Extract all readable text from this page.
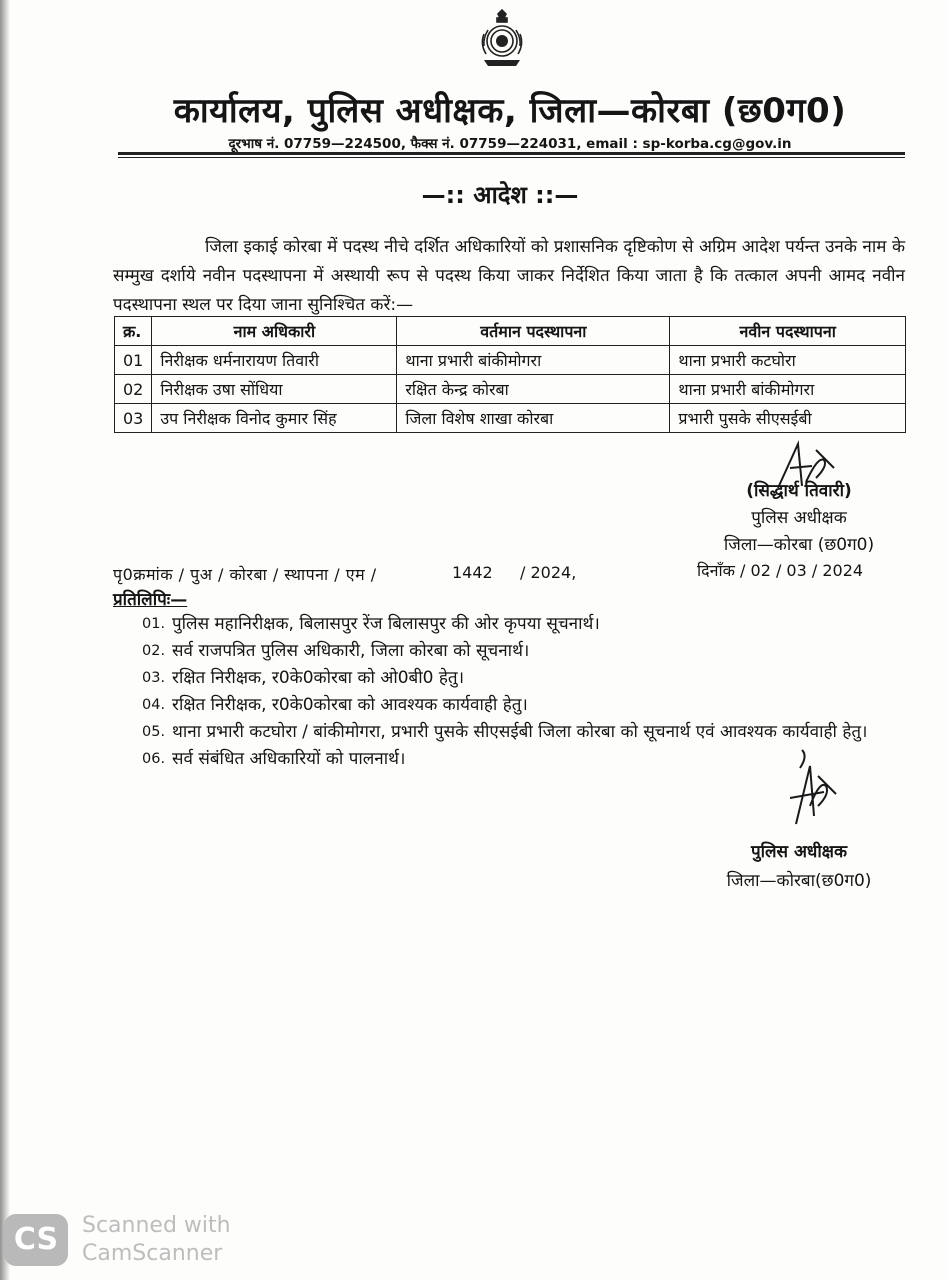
कार्यालय, पुलिस अधीक्षक, जिला—कोरबा (छ0ग0)
दूरभाष नं. 07759—224500, फैक्स नं. 07759—224031, email : sp-korba.cg@gov.in
—:: आदेश ::—

जिला इकाई कोरबा में पदस्थ नीचे दर्शित अधिकारियों को प्रशासनिक दृष्टिकोण से अग्रिम आदेश पर्यन्त उनके नाम के सम्मुख दर्शाये नवीन पदस्थापना में अस्थायी रूप से पदस्थ किया जाकर निर्देशित किया जाता है कि तत्काल अपनी आमद नवीन पदस्थापना स्थल पर दिया जाना सुनिश्चित करें:—

क्र.	नाम अधिकारी	वर्तमान पदस्थापना	नवीन पदस्थापना
01	निरीक्षक धर्मनारायण तिवारी	थाना प्रभारी बांकीमोगरा	थाना प्रभारी कटघोरा
02	निरीक्षक उषा सोंधिया	रक्षित केन्द्र कोरबा	थाना प्रभारी बांकीमोगरा
03	उप निरीक्षक विनोद कुमार सिंह	जिला विशेष शाखा कोरबा	प्रभारी पुसके सीएसईबी
(सिद्धार्थ तिवारी)
पुलिस अधीक्षक
जिला—कोरबा (छ0ग0)
पृ0क्रमांक / पुअ / कोरबा / स्थापना / एम /	1442 / 2024,	दिनाँक / 02 / 03 / 2024
प्रतिलिपिः—
01. पुलिस महानिरीक्षक, बिलासपुर रेंज बिलासपुर की ओर कृपया सूचनार्थ।
02. सर्व राजपत्रित पुलिस अधिकारी, जिला कोरबा को सूचनार्थ।
03. रक्षित निरीक्षक, र0के0कोरबा को ओ0बी0 हेतु।
04. रक्षित निरीक्षक, र0के0कोरबा को आवश्यक कार्यवाही हेतु।
05. थाना प्रभारी कटघोरा / बांकीमोगरा, प्रभारी पुसके सीएसईबी जिला कोरबा को सूचनार्थ एवं आवश्यक कार्यवाही हेतु।
06. सर्व संबंधित अधिकारियों को पालनार्थ।
पुलिस अधीक्षक
जिला—कोरबा(छ0ग0)
CS	Scanned with
CamScanner
